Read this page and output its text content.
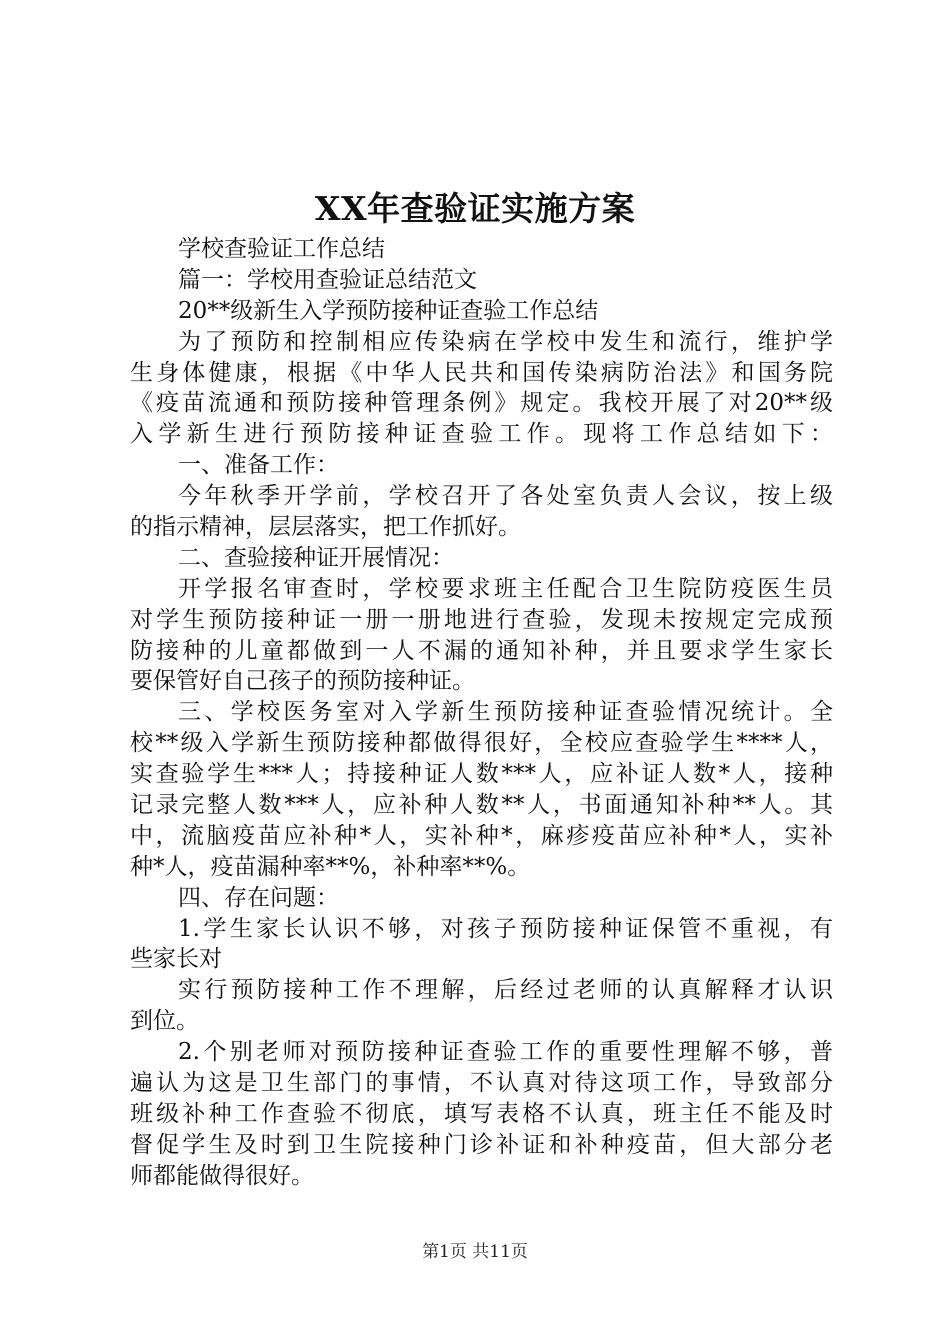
XX年查验证实施方案
学校查验证工作总结
篇一：学校用查验证总结范文
20**级新生入学预防接种证查验工作总结
为了预防和控制相应传染病在学校中发生和流行，维护学
生身体健康，根据《中华人民共和国传染病防治法》和国务院
《疫苗流通和预防接种管理条例》规定。我校开展了对20**级
入学新生进行预防接种证查验工作。现将工作总结如下：
一、准备工作：
今年秋季开学前，学校召开了各处室负责人会议，按上级
的指示精神，层层落实，把工作抓好。
二、查验接种证开展情况：
开学报名审查时，学校要求班主任配合卫生院防疫医生员
对学生预防接种证一册一册地进行查验，发现未按规定完成预
防接种的儿童都做到一人不漏的通知补种，并且要求学生家长
要保管好自己孩子的预防接种证。
三、学校医务室对入学新生预防接种证查验情况统计。全
校**级入学新生预防接种都做得很好，全校应查验学生****人，
实查验学生***人；持接种证人数***人，应补证人数*人，接种
记录完整人数***人，应补种人数**人，书面通知补种**人。其
中，流脑疫苗应补种*人，实补种*，麻疹疫苗应补种*人，实补
种*人，疫苗漏种率**%，补种率**%。
四、存在问题：
1.学生家长认识不够，对孩子预防接种证保管不重视，有
些家长对
实行预防接种工作不理解，后经过老师的认真解释才认识
到位。
2.个别老师对预防接种证查验工作的重要性理解不够，普
遍认为这是卫生部门的事情，不认真对待这项工作，导致部分
班级补种工作查验不彻底，填写表格不认真，班主任不能及时
督促学生及时到卫生院接种门诊补证和补种疫苗，但大部分老
师都能做得很好。
第1页 共11页
